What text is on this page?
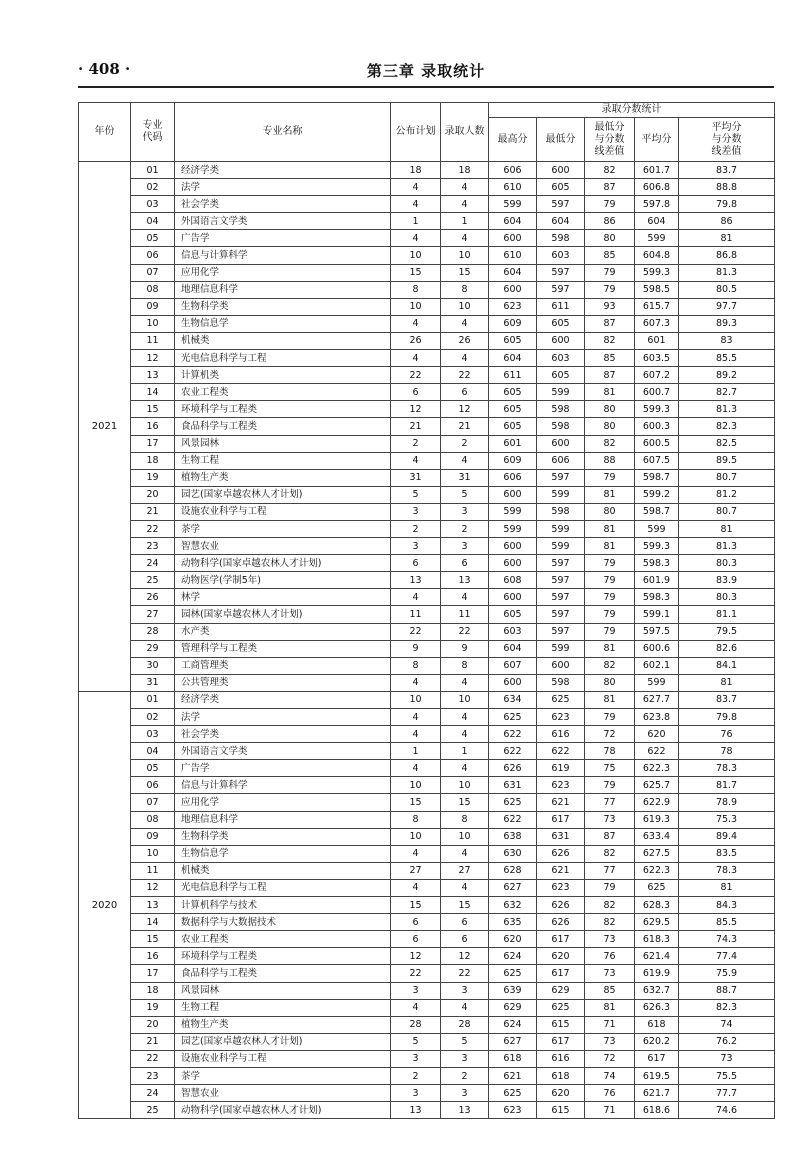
· 408 ·	第三章 录取统计
年份	专业代码	专业名称	公布计划	录取人数	录取分数统计				
					最高分	最低分	最低分与分数线差值	平均分	平均分与分数线差值
2021	01	经济学类	18	18	606	600	82	601.7	83.7
	02	法学	4	4	610	605	87	606.8	88.8
	03	社会学类	4	4	599	597	79	597.8	79.8
	04	外国语言文学类	1	1	604	604	86	604	86
	05	广告学	4	4	600	598	80	599	81
	06	信息与计算科学	10	10	610	603	85	604.8	86.8
	07	应用化学	15	15	604	597	79	599.3	81.3
	08	地理信息科学	8	8	600	597	79	598.5	80.5
	09	生物科学类	10	10	623	611	93	615.7	97.7
	10	生物信息学	4	4	609	605	87	607.3	89.3
	11	机械类	26	26	605	600	82	601	83
	12	光电信息科学与工程	4	4	604	603	85	603.5	85.5
	13	计算机类	22	22	611	605	87	607.2	89.2
	14	农业工程类	6	6	605	599	81	600.7	82.7
	15	环境科学与工程类	12	12	605	598	80	599.3	81.3
	16	食品科学与工程类	21	21	605	598	80	600.3	82.3
	17	风景园林	2	2	601	600	82	600.5	82.5
	18	生物工程	4	4	609	606	88	607.5	89.5
	19	植物生产类	31	31	606	597	79	598.7	80.7
	20	园艺(国家卓越农林人才计划)	5	5	600	599	81	599.2	81.2
	21	设施农业科学与工程	3	3	599	598	80	598.7	80.7
	22	茶学	2	2	599	599	81	599	81
	23	智慧农业	3	3	600	599	81	599.3	81.3
	24	动物科学(国家卓越农林人才计划)	6	6	600	597	79	598.3	80.3
	25	动物医学(学制5年)	13	13	608	597	79	601.9	83.9
	26	林学	4	4	600	597	79	598.3	80.3
	27	园林(国家卓越农林人才计划)	11	11	605	597	79	599.1	81.1
	28	水产类	22	22	603	597	79	597.5	79.5
	29	管理科学与工程类	9	9	604	599	81	600.6	82.6
	30	工商管理类	8	8	607	600	82	602.1	84.1
	31	公共管理类	4	4	600	598	80	599	81
2020	01	经济学类	10	10	634	625	81	627.7	83.7
	02	法学	4	4	625	623	79	623.8	79.8
	03	社会学类	4	4	622	616	72	620	76
	04	外国语言文学类	1	1	622	622	78	622	78
	05	广告学	4	4	626	619	75	622.3	78.3
	06	信息与计算科学	10	10	631	623	79	625.7	81.7
	07	应用化学	15	15	625	621	77	622.9	78.9
	08	地理信息科学	8	8	622	617	73	619.3	75.3
	09	生物科学类	10	10	638	631	87	633.4	89.4
	10	生物信息学	4	4	630	626	82	627.5	83.5
	11	机械类	27	27	628	621	77	622.3	78.3
	12	光电信息科学与工程	4	4	627	623	79	625	81
	13	计算机科学与技术	15	15	632	626	82	628.3	84.3
	14	数据科学与大数据技术	6	6	635	626	82	629.5	85.5
	15	农业工程类	6	6	620	617	73	618.3	74.3
	16	环境科学与工程类	12	12	624	620	76	621.4	77.4
	17	食品科学与工程类	22	22	625	617	73	619.9	75.9
	18	风景园林	3	3	639	629	85	632.7	88.7
	19	生物工程	4	4	629	625	81	626.3	82.3
	20	植物生产类	28	28	624	615	71	618	74
	21	园艺(国家卓越农林人才计划)	5	5	627	617	73	620.2	76.2
	22	设施农业科学与工程	3	3	618	616	72	617	73
	23	茶学	2	2	621	618	74	619.5	75.5
	24	智慧农业	3	3	625	620	76	621.7	77.7
	25	动物科学(国家卓越农林人才计划)	13	13	623	615	71	618.6	74.6
